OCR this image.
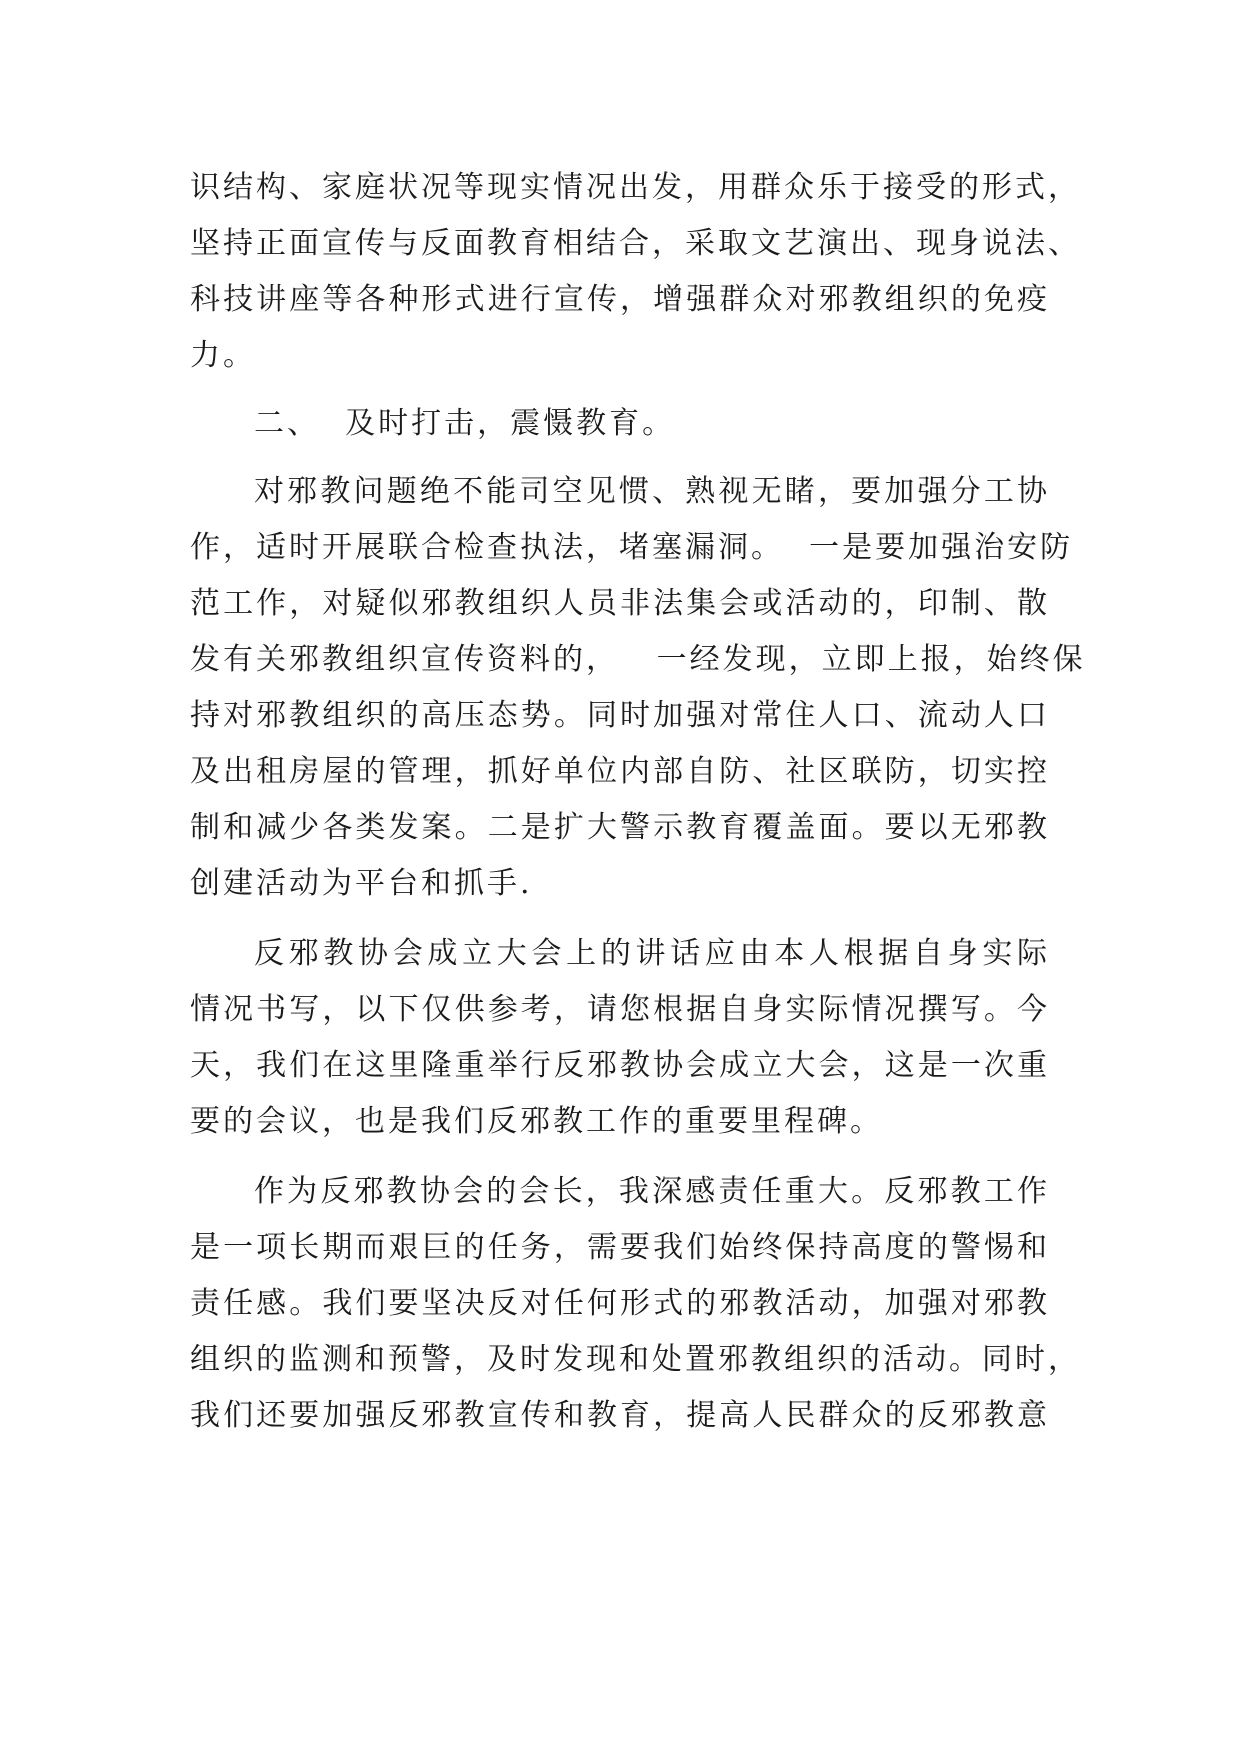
识结构、家庭状况等现实情况出发，用群众乐于接受的形式，
坚持正面宣传与反面教育相结合，采取文艺演出、现身说法、
科技讲座等各种形式进行宣传，增强群众对邪教组织的免疫
力。
二、  及时打击，震慑教育。
对邪教问题绝不能司空见惯、熟视无睹，要加强分工协
作，适时开展联合检查执法，堵塞漏洞。  一是要加强治安防
范工作，对疑似邪教组织人员非法集会或活动的，印制、散
发有关邪教组织宣传资料的，   一经发现，立即上报，始终保
持对邪教组织的高压态势。同时加强对常住人口、流动人口
及出租房屋的管理，抓好单位内部自防、社区联防，切实控
制和减少各类发案。二是扩大警示教育覆盖面。要以无邪教
创建活动为平台和抓手.
反邪教协会成立大会上的讲话应由本人根据自身实际
情况书写，以下仅供参考，请您根据自身实际情况撰写。今
天，我们在这里隆重举行反邪教协会成立大会，这是一次重
要的会议，也是我们反邪教工作的重要里程碑。
作为反邪教协会的会长，我深感责任重大。反邪教工作
是一项长期而艰巨的任务，需要我们始终保持高度的警惕和
责任感。我们要坚决反对任何形式的邪教活动，加强对邪教
组织的监测和预警，及时发现和处置邪教组织的活动。同时，
我们还要加强反邪教宣传和教育，提高人民群众的反邪教意
